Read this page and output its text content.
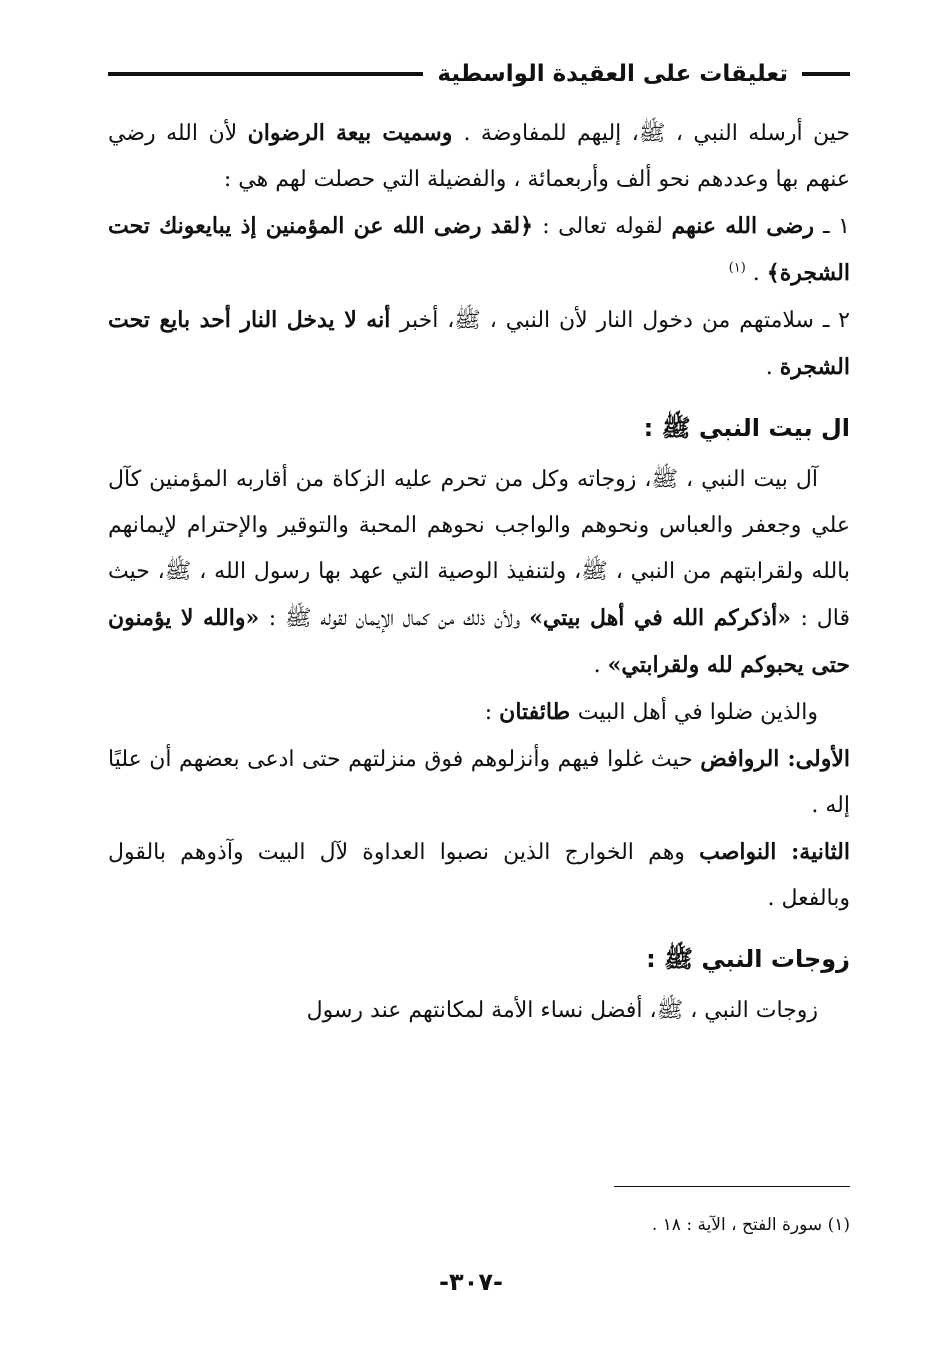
تعليقات على العقيدة الواسطية

حين أرسله النبي ، ﷺ، إليهم للمفاوضة . وسميت بيعة الرضوان لأن الله رضي عنهم بها وعددهم نحو ألف وأربعمائة ، والفضيلة التي حصلت لهم هي :

١ ـ رضى الله عنهم لقوله تعالى : ﴿لقد رضى الله عن المؤمنين إذ يبايعونك تحت الشجرة﴾ . $^{(١)}$

٢ ـ سلامتهم من دخول النار لأن النبي ، ﷺ، أخبر أنه لا يدخل النار أحد بايع تحت الشجرة .

ال بيت النبي ﷺ :

آل بيت النبي ، ﷺ، زوجاته وكل من تحرم عليه الزكاة من أقاربه المؤمنين كآل علي وجعفر والعباس ونحوهم والواجب نحوهم المحبة والتوقير والإحترام لإيمانهم بالله ولقرابتهم من النبي ، ﷺ، ولتنفيذ الوصية التي عهد بها رسول الله ، ﷺ، حيث قال : «أذكركم الله في أهل بيتي» ولأن ذلك من كمال الإيمان لقوله ﷺ : «والله لا يؤمنون حتى يحبوكم لله ولقرابتي» .

والذين ضلوا في أهل البيت طائفتان :

الأولى: الروافض حيث غلوا فيهم وأنزلوهم فوق منزلتهم حتى ادعى بعضهم أن عليًا إله .

الثانية: النواصب وهم الخوارج الذين نصبوا العداوة لآل البيت وآذوهم بالقول وبالفعل .

زوجات النبي ﷺ :

زوجات النبي ، ﷺ، أفضل نساء الأمة لمكانتهم عند رسول

(١) سورة الفتح ، الآية : ١٨ .
-٣٠٧-
